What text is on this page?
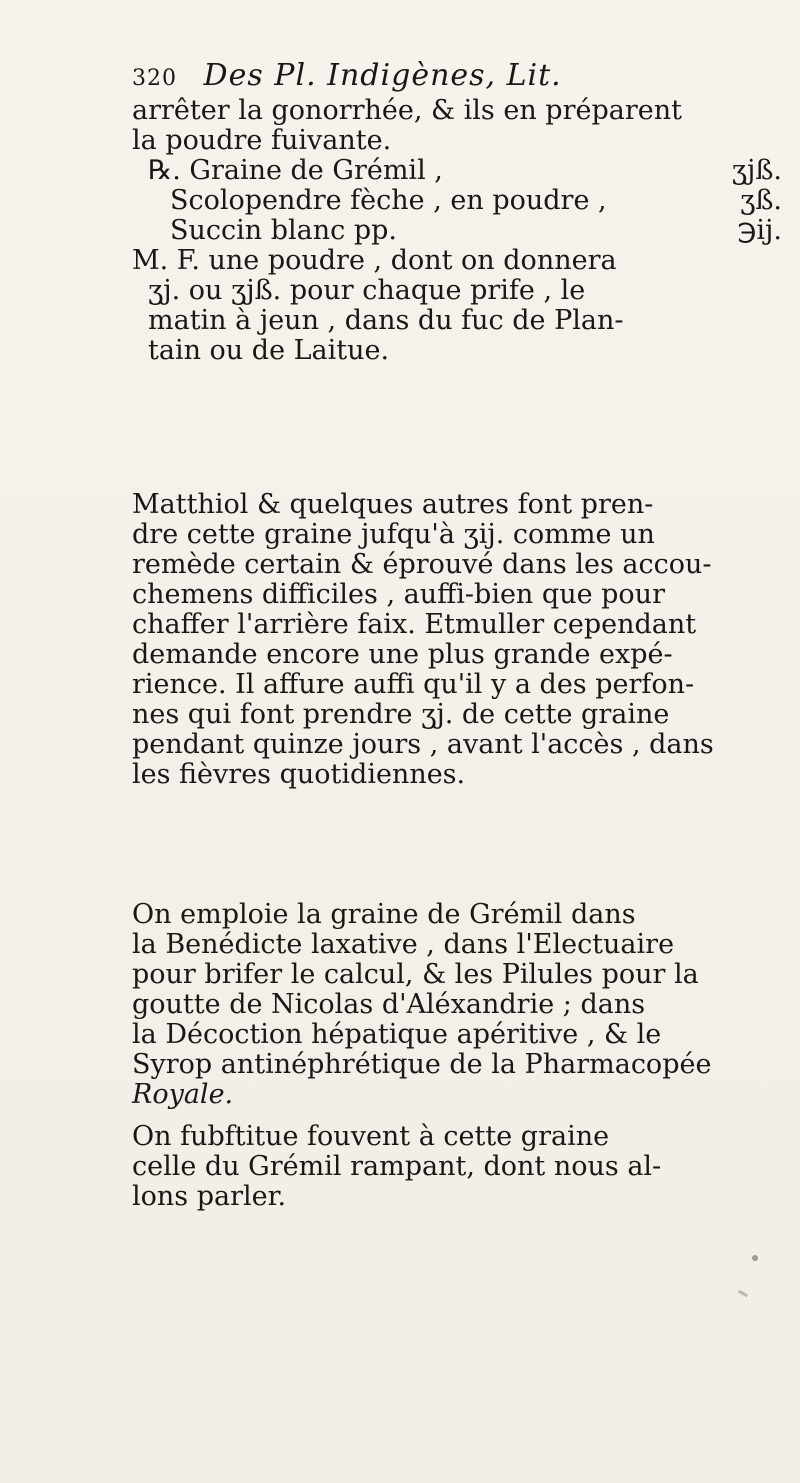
320 Des Pl. Indigènes, Lit.
arrêter la gonorrhée, & ils en préparent
la poudre fuivante.
℞. Graine de Grémil ,	ʒjß.
Scolopendre fèche , en poudre ,	ʒß.
Succin blanc pp.	℈ij.
M. F. une poudre , dont on donnera
ʒj. ou ʒjß. pour chaque prife , le
matin à jeun , dans du fuc de Plan-
tain ou de Laitue.
Matthiol & quelques autres font pren-
dre cette graine jufqu'à ʒij. comme un
remède certain & éprouvé dans les accou-
chemens difficiles , auffi-bien que pour
chaffer l'arrière faix. Etmuller cependant
demande encore une plus grande expé-
rience. Il affure auffi qu'il y a des perfon-
nes qui font prendre ʒj. de cette graine
pendant quinze jours , avant l'accès , dans
les fièvres quotidiennes.
On emploie la graine de Grémil dans
la Benédicte laxative , dans l'Electuaire
pour brifer le calcul, & les Pilules pour la
goutte de Nicolas d'Aléxandrie ; dans
la Décoction hépatique apéritive , & le
Syrop antinéphrétique de la Pharmacopée
Royale.
On fubftitue fouvent à cette graine
celle du Grémil rampant, dont nous al-
lons parler.
